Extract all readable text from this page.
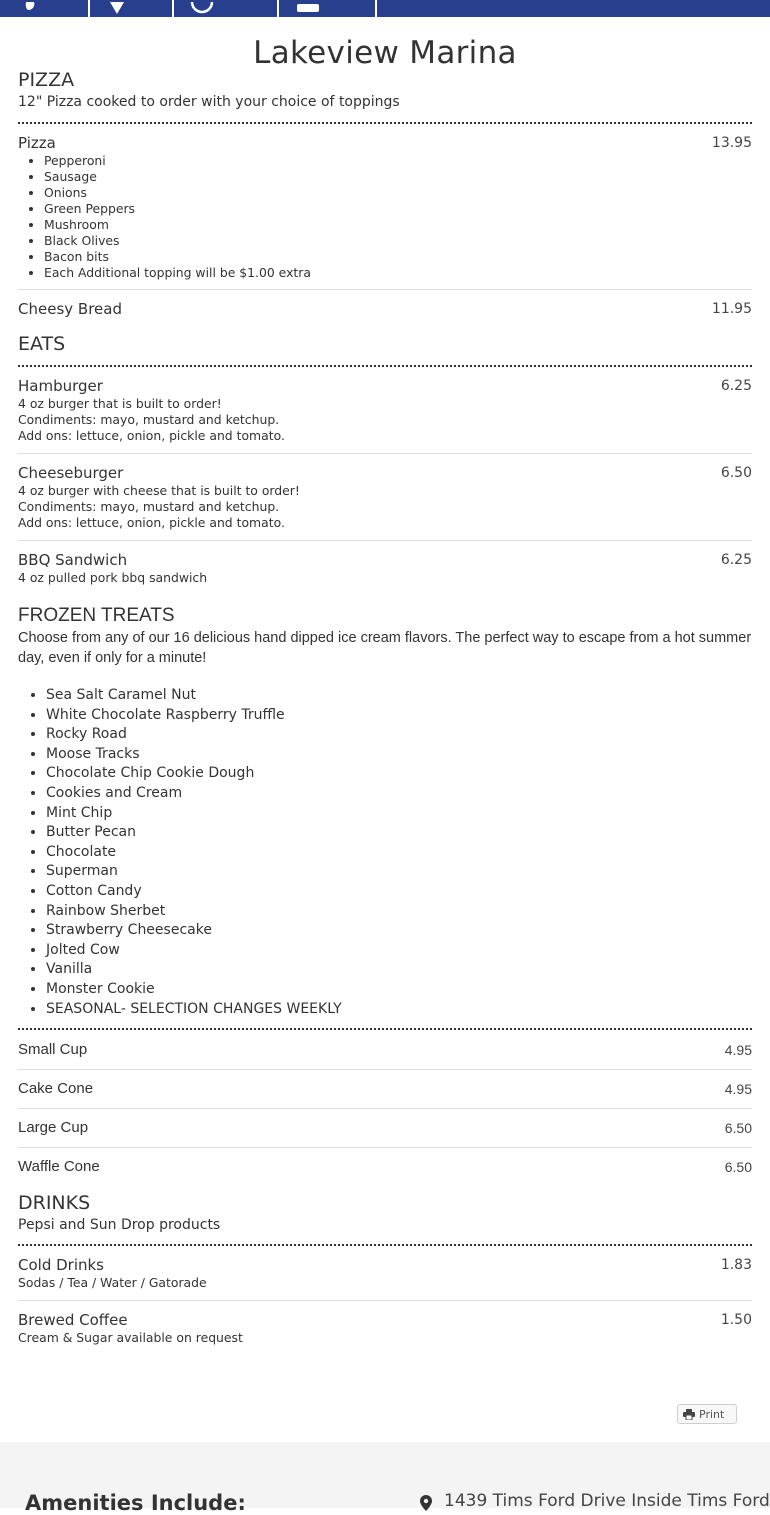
Lakeview Marina
PIZZA
12" Pizza cooked to order with your choice of toppings
Pizza	13.95
• Pepperoni
• Sausage
• Onions
• Green Peppers
• Mushroom
• Black Olives
• Bacon bits
• Each Additional topping will be $1.00 extra
Cheesy Bread	11.95
EATS
Hamburger	6.25
4 oz burger that is built to order!
Condiments: mayo, mustard and ketchup.
Add ons: lettuce, onion, pickle and tomato.
Cheeseburger	6.50
4 oz burger with cheese that is built to order!
Condiments: mayo, mustard and ketchup.
Add ons: lettuce, onion, pickle and tomato.
BBQ Sandwich	6.25
4 oz pulled pork bbq sandwich
FROZEN TREATS
Choose from any of our 16 delicious hand dipped ice cream flavors. The perfect way to escape from a hot summer day, even if only for a minute!
• Sea Salt Caramel Nut
• White Chocolate Raspberry Truffle
• Rocky Road
• Moose Tracks
• Chocolate Chip Cookie Dough
• Cookies and Cream
• Mint Chip
• Butter Pecan
• Chocolate
• Superman
• Cotton Candy
• Rainbow Sherbet
• Strawberry Cheesecake
• Jolted Cow
• Vanilla
• Monster Cookie
• SEASONAL- SELECTION CHANGES WEEKLY
Small Cup	4.95
Cake Cone	4.95
Large Cup	6.50
Waffle Cone	6.50
DRINKS
Pepsi and Sun Drop products
Cold Drinks	1.83
Sodas / Tea / Water / Gatorade
Brewed Coffee	1.50
Cream & Sugar available on request
Print
Amenities Include:	1439 Tims Ford Drive Inside Tims Ford
